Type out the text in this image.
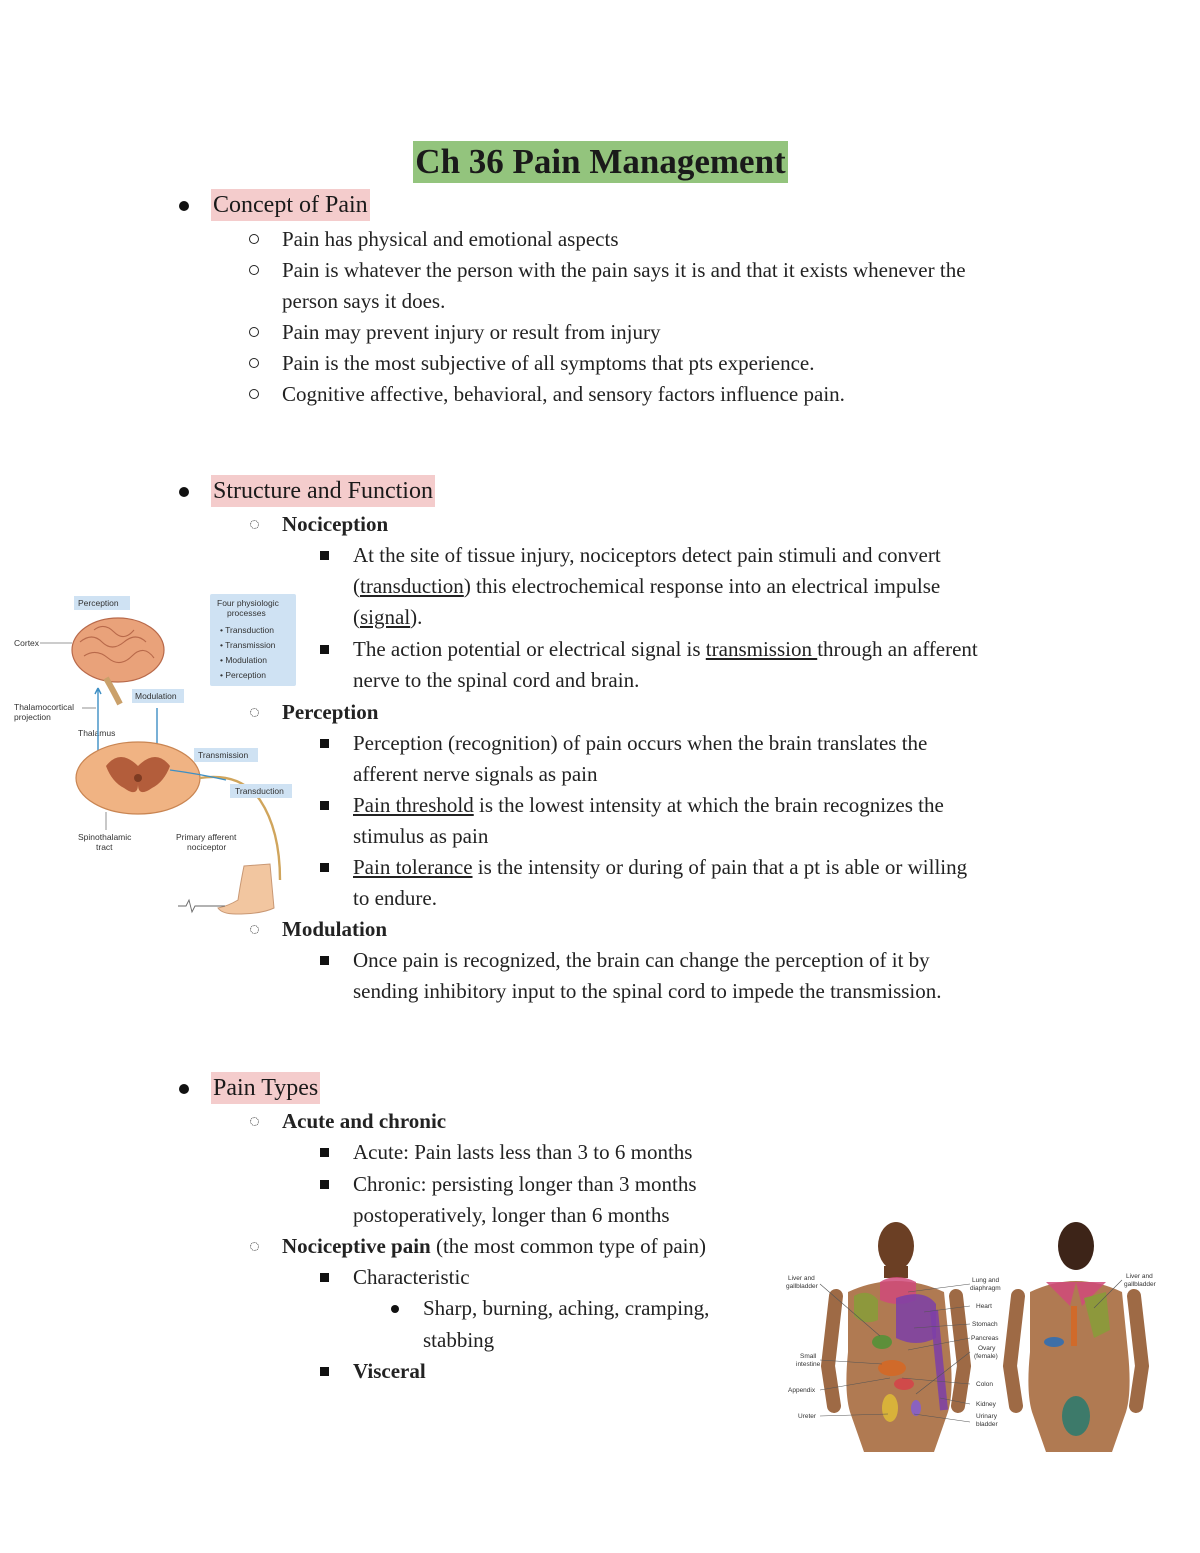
Ch 36 Pain Management
Concept of Pain
Pain has physical and emotional aspects
Pain is whatever the person with the pain says it is and that it exists whenever the
person says it does.
Pain may prevent injury or result from injury
Pain is the most subjective of all symptoms that pts experience.
Cognitive affective, behavioral, and sensory factors influence pain.
Structure and Function
Nociception
At the site of tissue injury, nociceptors detect pain stimuli and convert
(transduction) this electrochemical response into an electrical impulse
(signal).
The action potential or electrical signal is transmission through an afferent
nerve to the spinal cord and brain.
Perception
Perception (recognition) of pain occurs when the brain translates the
afferent nerve signals as pain
Pain threshold is the lowest intensity at which the brain recognizes the
stimulus as pain
Pain tolerance is the intensity or during of pain that a pt is able or willing
to endure.
Modulation
Once pain is recognized, the brain can change the perception of it by
sending inhibitory input to the spinal cord to impede the transmission.
Pain Types
Acute and chronic
Acute: Pain lasts less than 3 to 6 months
Chronic: persisting longer than 3 months
postoperatively, longer than 6 months
Nociceptive pain (the most common type of pain)
Characteristic
Sharp, burning, aching, cramping,
stabbing
Visceral
Perception
Cortex
Modulation
Thalamocortical projection
Thalamus
Transmission
Transduction
Spinothalamic tract
Primary afferent nociceptor
Four physiologic processes
• Transduction
• Transmission
• Modulation
• Perception
Liver and gallbladder
Small intestine
Appendix
Ureter
Lung and diaphragm
Heart
Stomach
Pancreas
Ovary (female)
Colon
Kidney
Urinary bladder
Liver and gallbladder
